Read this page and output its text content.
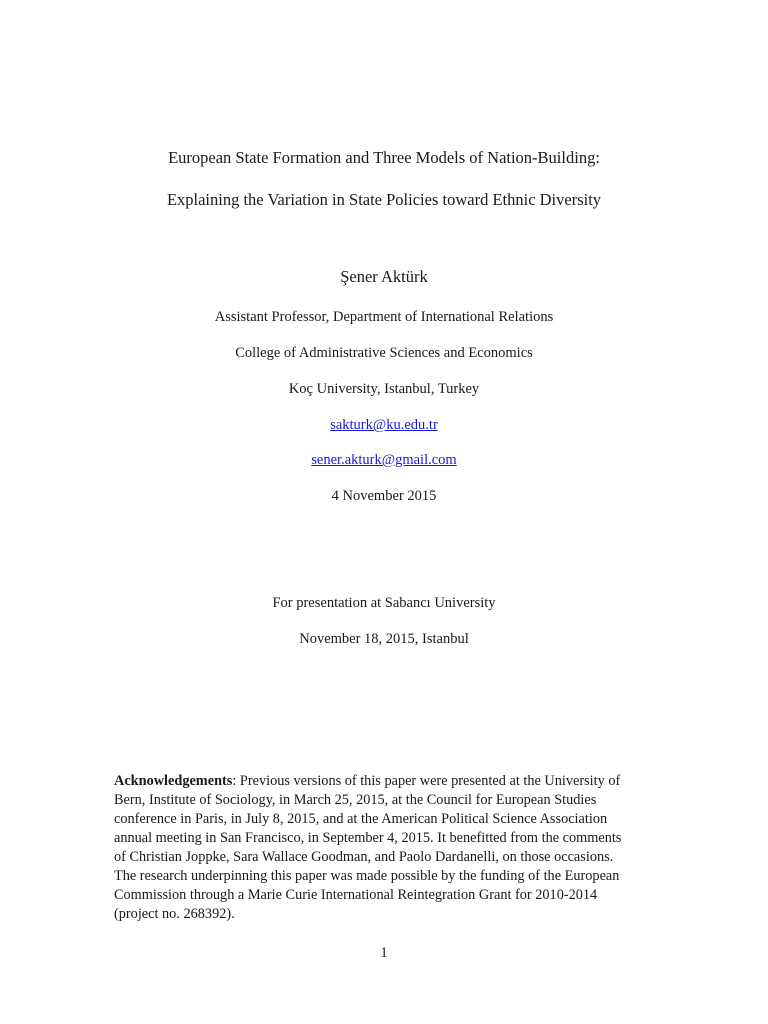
European State Formation and Three Models of Nation-Building:
Explaining the Variation in State Policies toward Ethnic Diversity
Şener Aktürk
Assistant Professor, Department of International Relations
College of Administrative Sciences and Economics
Koç University, Istanbul, Turkey
sakturk@ku.edu.tr
sener.akturk@gmail.com
4 November 2015
For presentation at Sabancı University
November 18, 2015, Istanbul
Acknowledgements: Previous versions of this paper were presented at the University of
Bern, Institute of Sociology, in March 25, 2015, at the Council for European Studies
conference in Paris, in July 8, 2015, and at the American Political Science Association
annual meeting in San Francisco, in September 4, 2015. It benefitted from the comments
of Christian Joppke, Sara Wallace Goodman, and Paolo Dardanelli, on those occasions.
The research underpinning this paper was made possible by the funding of the European
Commission through a Marie Curie International Reintegration Grant for 2010-2014
(project no. 268392).
1
